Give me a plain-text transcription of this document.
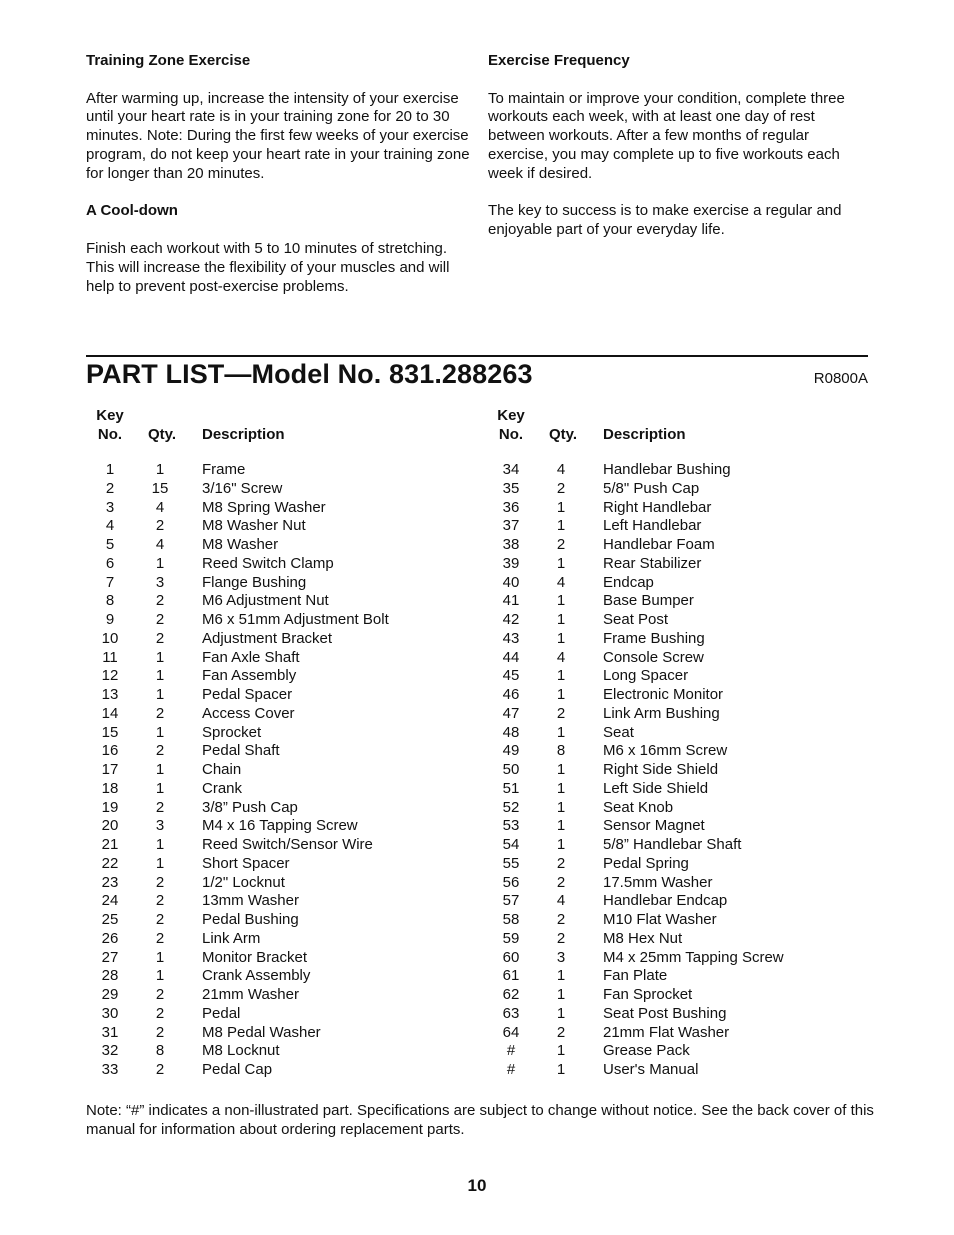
Training Zone Exercise

After warming up, increase the intensity of your exercise until your heart rate is in your training zone for 20 to 30 minutes. Note: During the first few weeks of your exercise program, do not keep your heart rate in your training zone for longer than 20 minutes.

A Cool-down

Finish each workout with 5 to 10 minutes of stretching. This will increase the flexibility of your muscles and will help to prevent post-exercise problems.

Exercise Frequency

To maintain or improve your condition, complete three workouts each week, with at least one day of rest between workouts. After a few months of regular exercise, you may complete up to five workouts each week if desired.

The key to success is to make exercise a regular and enjoyable part of your everyday life.

PART LIST—Model No. 831.288263	R0800A
Key
No.	Qty. Description
1	1	Frame
2	15	3/16" Screw
3	4	M8 Spring Washer
4	2	M8 Washer Nut
5	4	M8 Washer
6	1	Reed Switch Clamp
7	3	Flange Bushing
8	2	M6 Adjustment Nut
9	2	M6 x 51mm Adjustment Bolt
10	2	Adjustment Bracket
11	1	Fan Axle Shaft
12	1	Fan Assembly
13	1	Pedal Spacer
14	2	Access Cover
15	1	Sprocket
16	2	Pedal Shaft
17	1	Chain
18	1	Crank
19	2	3/8” Push Cap
20	3	M4 x 16 Tapping Screw
21	1	Reed Switch/Sensor Wire
22	1	Short Spacer
23	2	1/2" Locknut
24	2	13mm Washer
25	2	Pedal Bushing
26	2	Link Arm
27	1	Monitor Bracket
28	1	Crank Assembly
29	2	21mm Washer
30	2	Pedal
31	2	M8 Pedal Washer
32	8	M8 Locknut
33	2	Pedal Cap
Key
No.	Qty. Description
34	4	Handlebar Bushing
35	2	5/8" Push Cap
36	1	Right Handlebar
37	1	Left Handlebar
38	2	Handlebar Foam
39	1	Rear Stabilizer
40	4	Endcap
41	1	Base Bumper
42	1	Seat Post
43	1	Frame Bushing
44	4	Console Screw
45	1	Long Spacer
46	1	Electronic Monitor
47	2	Link Arm Bushing
48	1	Seat
49	8	M6 x 16mm Screw
50	1	Right Side Shield
51	1	Left Side Shield
52	1	Seat Knob
53	1	Sensor Magnet
54	1	5/8” Handlebar Shaft
55	2	Pedal Spring
56	2	17.5mm Washer
57	4	Handlebar Endcap
58	2	M10 Flat Washer
59	2	M8 Hex Nut
60	3	M4 x 25mm Tapping Screw
61	1	Fan Plate
62	1	Fan Sprocket
63	1	Seat Post Bushing
64	2	21mm Flat Washer
#	1	Grease Pack
#	1	User's Manual
Note: “#” indicates a non-illustrated part. Specifications are subject to change without notice. See the back cover of this manual for information about ordering replacement parts.
10
